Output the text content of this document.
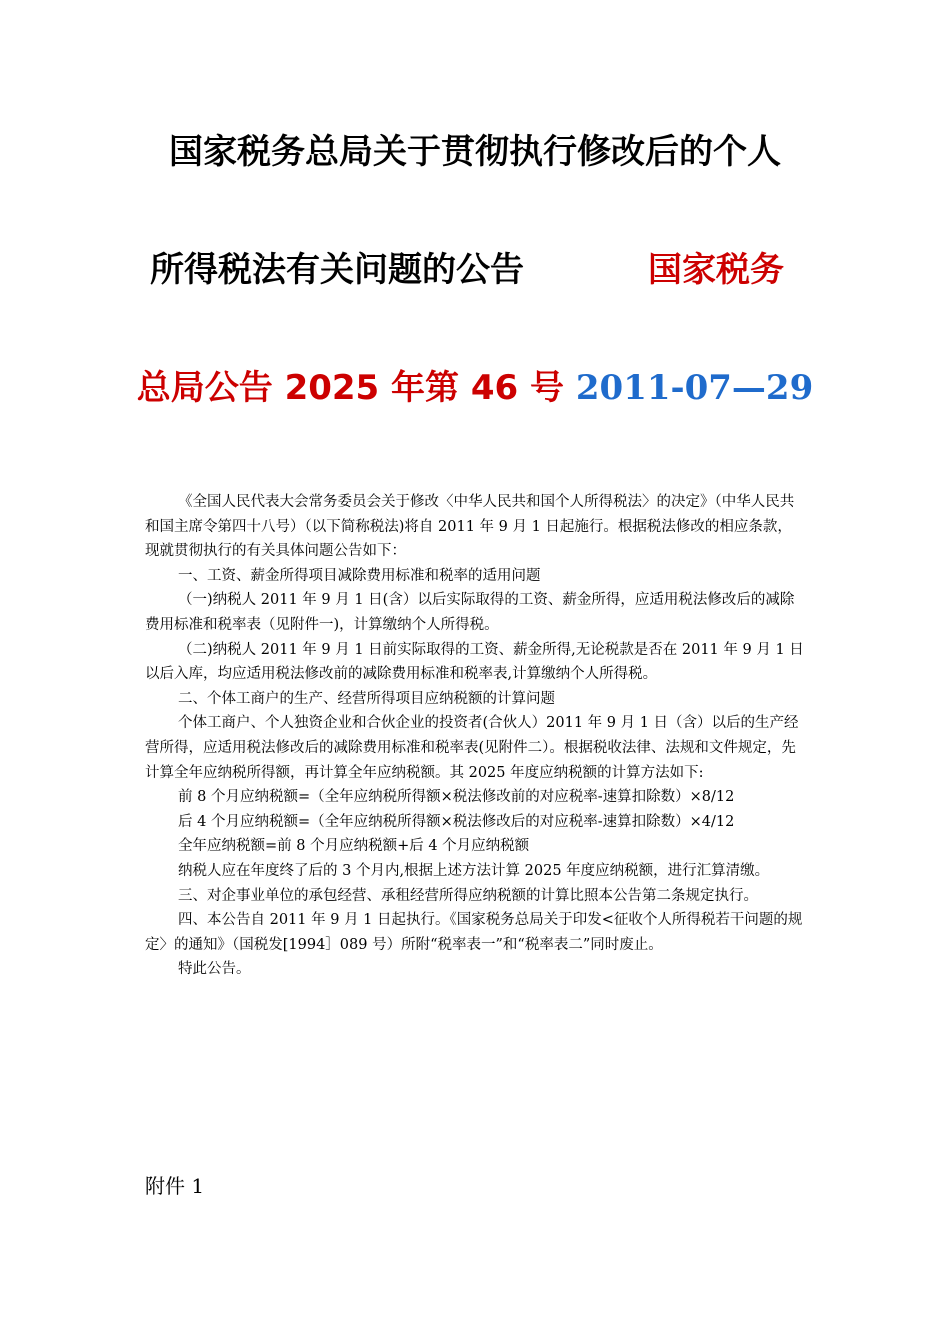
国家税务总局关于贯彻执行修改后的个人
所得税法有关问题的公告	国家税务
总局公告 2025 年第 46 号 2011-07—29

《全国人民代表大会常务委员会关于修改〈中华人民共和国个人所得税法〉的决定》（中华人民共和国主席令第四十八号）（以下简称税法)将自 2011 年 9 月 1 日起施行。根据税法修改的相应条款，现就贯彻执行的有关具体问题公告如下：

一、工资、薪金所得项目减除费用标准和税率的适用问题

（一)纳税人 2011 年 9 月 1 日(含）以后实际取得的工资、薪金所得，应适用税法修改后的减除费用标准和税率表（见附件一)，计算缴纳个人所得税。

（二)纳税人 2011 年 9 月 1 日前实际取得的工资、薪金所得,无论税款是否在 2011 年 9 月 1 日以后入库，均应适用税法修改前的减除费用标准和税率表,计算缴纳个人所得税。

二、个体工商户的生产、经营所得项目应纳税额的计算问题

个体工商户、个人独资企业和合伙企业的投资者(合伙人）2011 年 9 月 1 日（含）以后的生产经营所得，应适用税法修改后的减除费用标准和税率表(见附件二）。根据税收法律、法规和文件规定，先计算全年应纳税所得额，再计算全年应纳税额。其 2025 年度应纳税额的计算方法如下:

前 8 个月应纳税额=（全年应纳税所得额×税法修改前的对应税率-速算扣除数）×8/12

后 4 个月应纳税额=（全年应纳税所得额×税法修改后的对应税率-速算扣除数）×4/12

全年应纳税额=前 8 个月应纳税额+后 4 个月应纳税额

纳税人应在年度终了后的 3 个月内,根据上述方法计算 2025 年度应纳税额，进行汇算清缴。

三、对企事业单位的承包经营、承租经营所得应纳税额的计算比照本公告第二条规定执行。

四、本公告自 2011 年 9 月 1 日起执行。《国家税务总局关于印发<征收个人所得税若干问题的规定〉的通知》（国税发[1994］089 号）所附“税率表一”和“税率表二”同时废止。

特此公告。

附件 1
